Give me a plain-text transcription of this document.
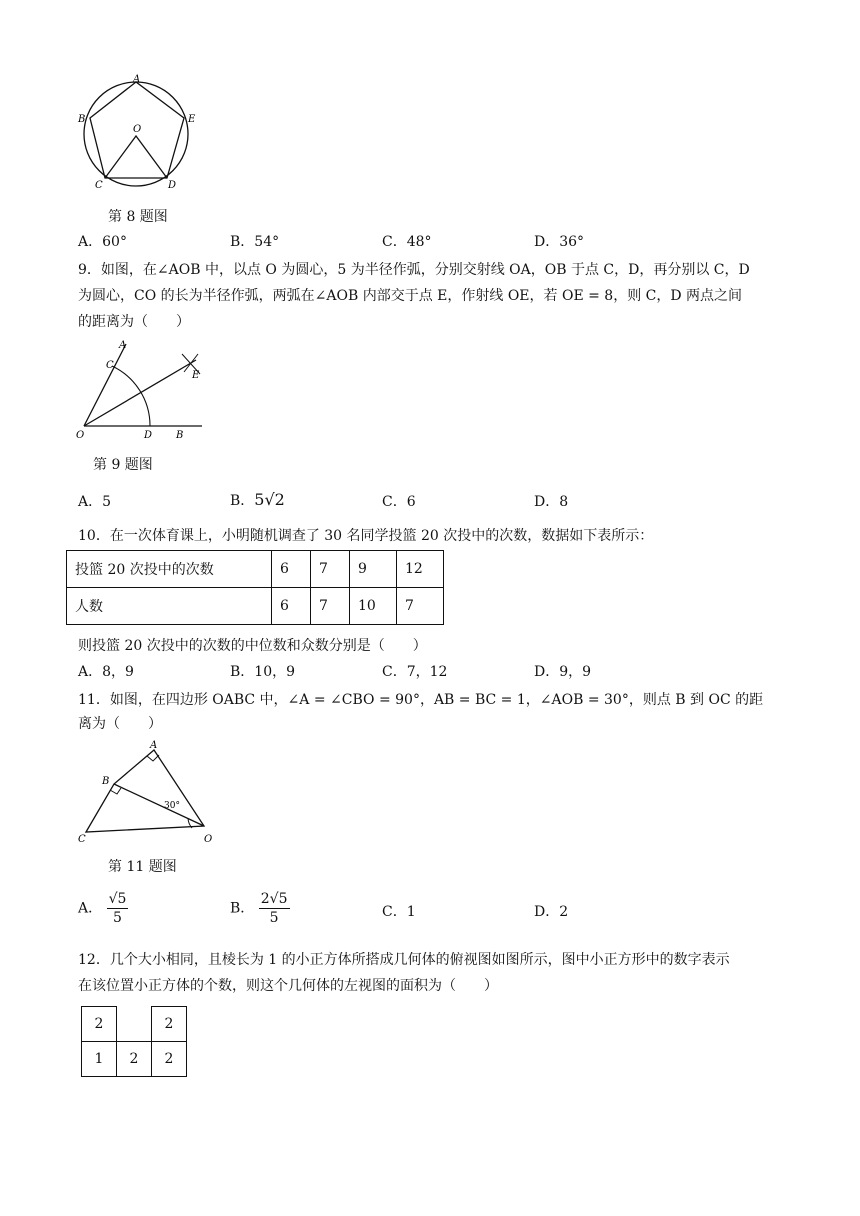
A
B
C	D
E
O
第 8 题图
A．60°	B．54°	C．48°	D．36°
9．如图，在∠AOB 中，以点 O 为圆心，5 为半径作弧，分别交射线 OA，OB 于点 C，D，再分别以 C，D
为圆心，CO 的长为半径作弧，两弧在∠AOB 内部交于点 E，作射线 OE，若 OE = 8，则 C，D 两点之间
的距离为（　　）
A
C
E
O	D B
第 9 题图
A．5	B．5√2	C．6	D．8
10．在一次体育课上，小明随机调查了 30 名同学投篮 20 次投中的次数，数据如下表所示：
投篮 20 次投中的次数	6	7	9	12
人数	6	7	10	7
则投篮 20 次投中的次数的中位数和众数分别是（　　）
A．8，9	B．10，9	C．7，12	D．9，9
11．如图，在四边形 OABC 中，∠A = ∠CBO = 90°，AB = BC = 1，∠AOB = 30°，则点 B 到 OC 的距
离为（　　）
A
B
C	O
30°
第 11 题图
A． $\frac{√5}{5}$	B． $\frac{2√5}{5}$	C．1	D．2
12．几个大小相同，且棱长为 1 的小正方体所搭成几何体的俯视图如图所示，图中小正方形中的数字表示
在该位置小正方体的个数，则这个几何体的左视图的面积为（　　）
2		2
1	2	2
